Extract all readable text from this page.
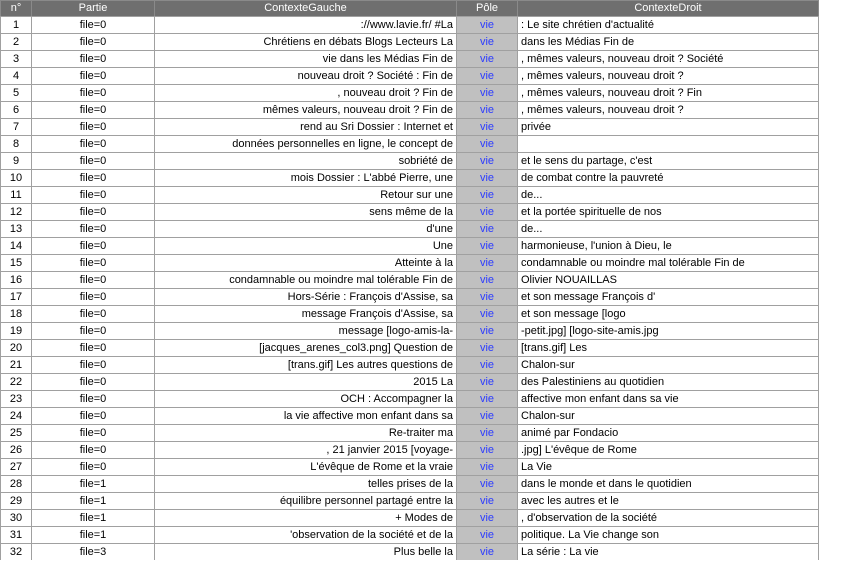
n°	Partie	ContexteGauche	Pôle	ContexteDroit
1	file=0	://www.lavie.fr/ #La	vie	: Le site chrétien d'actualité
2	file=0	Chrétiens en débats Blogs Lecteurs La	vie	dans les Médias Fin de
3	file=0	vie dans les Médias Fin de	vie	, mêmes valeurs, nouveau droit ? Société
4	file=0	nouveau droit ? Société : Fin de	vie	, mêmes valeurs, nouveau droit ?
5	file=0	, nouveau droit ? Fin de	vie	, mêmes valeurs, nouveau droit ? Fin
6	file=0	mêmes valeurs, nouveau droit ? Fin de	vie	, mêmes valeurs, nouveau droit ?
7	file=0	rend au Sri Dossier : Internet et	vie	privée
8	file=0	données personnelles en ligne, le concept de	vie
9	file=0	sobriété de	vie	et le sens du partage, c'est
10	file=0	mois Dossier : L'abbé Pierre, une	vie	de combat contre la pauvreté
11	file=0	Retour sur une	vie	de...
12	file=0	sens même de la	vie	et la portée spirituelle de nos
13	file=0	d'une	vie	de...
14	file=0	Une	vie	harmonieuse, l'union à Dieu, le
15	file=0	Atteinte à la	vie	condamnable ou moindre mal tolérable Fin de
16	file=0	condamnable ou moindre mal tolérable Fin de	vie	Olivier NOUAILLAS
17	file=0	Hors-Série : François d'Assise, sa	vie	et son message François d'
18	file=0	message François d'Assise, sa	vie	et son message [logo
19	file=0	message [logo-amis-la-	vie	-petit.jpg] [logo-site-amis.jpg
20	file=0	[jacques_arenes_col3.png] Question de	vie	[trans.gif] Les
21	file=0	[trans.gif] Les autres questions de	vie	Chalon-sur
22	file=0	2015 La	vie	des Palestiniens au quotidien
23	file=0	OCH : Accompagner la	vie	affective mon enfant dans sa vie
24	file=0	la vie affective mon enfant dans sa	vie	Chalon-sur
25	file=0	Re-traiter ma	vie	animé par Fondacio
26	file=0	, 21 janvier 2015 [voyage-	vie	.jpg] L'évêque de Rome
27	file=0	L'évêque de Rome et la vraie	vie	La Vie
28	file=1	telles prises de la	vie	dans le monde et dans le quotidien
29	file=1	équilibre personnel partagé entre la	vie	avec les autres et le
30	file=1	+ Modes de	vie	, d'observation de la société
31	file=1	'observation de la société et de la	vie	politique. La Vie change son
32	file=3	Plus belle la	vie	La série : La vie
